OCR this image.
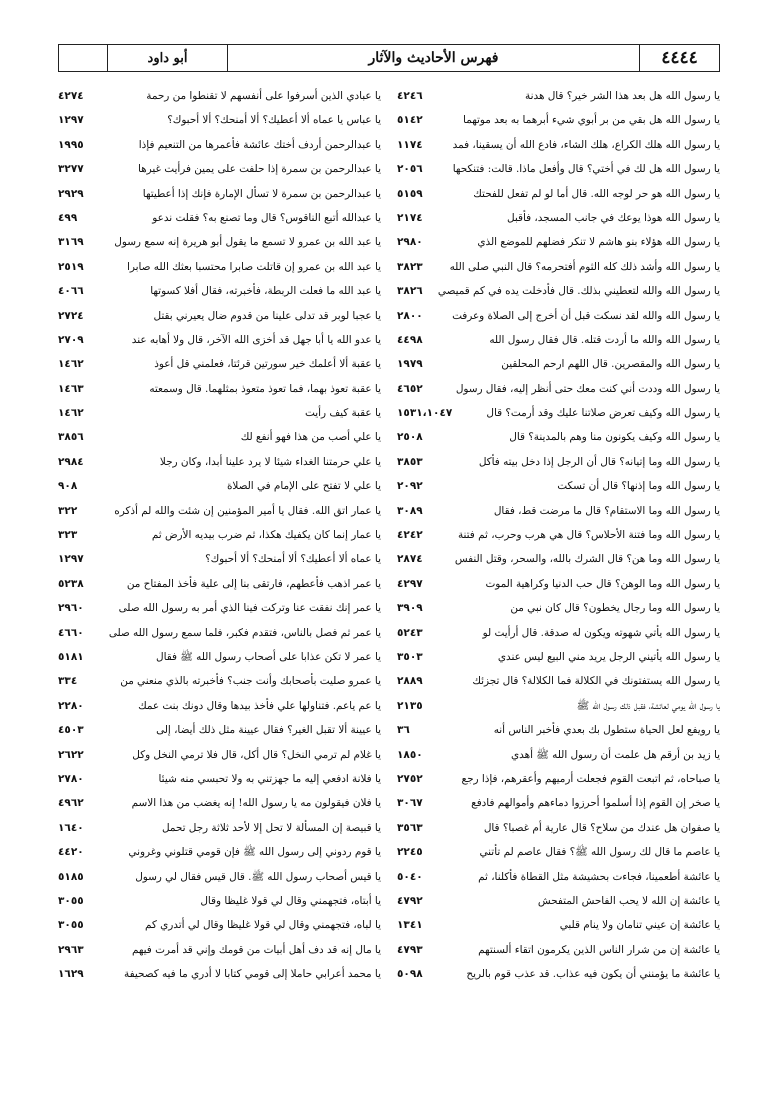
٤٤٤٤
فهرس الأحاديث والآثار
أبو داود
يا رسول الله هل بعد هذا الشر خير؟ قال هدنة
٤٢٤٦
يا رسول الله هل بقي من بر أبوي شيء أبرهما به بعد موتهما
٥١٤٢
يا رسول الله هلك الكراع، هلك الشاء، فادع الله أن يسقينا، فمد
١١٧٤
يا رسول الله هل لك في أختي؟ قال وأفعل ماذا. قالت: فتنكحها
٢٠٥٦
يا رسول الله هو حر لوجه الله. قال أما لو لم تفعل للفحتك
٥١٥٩
يا رسول الله هوذا يوعك في جانب المسجد، فأقبل
٢١٧٤
يا رسول الله هؤلاء بنو هاشم لا تنكر فضلهم للموضع الذي
٢٩٨٠
يا رسول الله وأشد ذلك كله الثوم أفتحرمه؟ قال النبي صلى الله
٣٨٢٣
يا رسول الله والله لتعطيني بذلك. قال فأدخلت يده في كم قميصي
٣٨٢٦
يا رسول الله والله لقد نسكت قبل أن أخرج إلى الصلاة وعرفت
٢٨٠٠
يا رسول الله والله ما أردت قتله. قال فقال رسول الله
٤٤٩٨
يا رسول الله والمقصرين. قال اللهم ارحم المحلقين
١٩٧٩
يا رسول الله وددت أني كنت معك حتى أنظر إليه، فقال رسول
٤٦٥٢
يا رسول الله وكيف تعرض صلاتنا عليك وقد أرمت؟ قال
١٥٣١،١٠٤٧
يا رسول الله وكيف يكونون منا وهم بالمدينة؟ قال
٢٥٠٨
يا رسول الله وما إتيانه؟ قال أن الرجل إذا دخل بيته فأكل
٣٨٥٣
يا رسول الله وما إذنها؟ قال أن تسكت
٢٠٩٢
يا رسول الله وما الاستقام؟ قال ما مرضت قط، فقال
٣٠٨٩
يا رسول الله وما فتنة الأحلاس؟ قال هي هرب وحرب، ثم فتنة
٤٢٤٢
يا رسول الله وما هن؟ قال الشرك بالله، والسحر، وقتل النفس
٢٨٧٤
يا رسول الله وما الوهن؟ قال حب الدنيا وكراهية الموت
٤٢٩٧
يا رسول الله وما رجال يخطون؟ قال كان نبي من
٣٩٠٩
يا رسول الله يأتي شهوته ويكون له صدقة. قال أرأيت لو
٥٢٤٣
يا رسول الله يأتيني الرجل يريد مني البيع ليس عندي
٣٥٠٣
يا رسول الله يستفتونك في الكلالة فما الكلالة؟ قال تجزئك
٢٨٨٩
يا رسول الله يومي لعائشة، فقبل ذلك رسول الله ﷺ
٢١٣٥
يا رويفع لعل الحياة ستطول بك بعدي فأخبر الناس أنه
٣٦
يا زيد بن أرقم هل علمت أن رسول الله ﷺ أهدي
١٨٥٠
يا صباحاه، ثم اتبعت القوم فجعلت أرميهم وأعقرهم، فإذا رجع
٢٧٥٢
يا صخر إن القوم إذا أسلموا أحرزوا دماءهم وأموالهم فادفع
٣٠٦٧
يا صفوان هل عندك من سلاح؟ قال عارية أم غصبا؟ قال
٣٥٦٣
يا عاصم ما قال لك رسول الله ﷺ؟ فقال عاصم لم تأتني
٢٢٤٥
يا عائشة أطعمينا، فجاءت بحشيشة مثل القطاة فأكلنا، ثم
٥٠٤٠
يا عائشة إن الله لا يحب الفاحش المتفحش
٤٧٩٢
يا عائشة إن عيني تنامان ولا ينام قلبي
١٣٤١
يا عائشة إن من شرار الناس الذين يكرمون اتقاء ألسنتهم
٤٧٩٣
يا عائشة ما يؤمنني أن يكون فيه عذاب. قد عذب قوم بالريح
٥٠٩٨
يا عبادي الذين أسرفوا على أنفسهم لا تقنطوا من رحمة
٤٢٧٤
يا عباس يا عماه ألا أعطيك؟ ألا أمنحك؟ ألا أحبوك؟
١٢٩٧
يا عبدالرحمن أردف أختك عائشة فأعمرها من التنعيم فإذا
١٩٩٥
يا عبدالرحمن بن سمرة إذا حلفت على يمين فرأيت غيرها
٣٢٧٧
يا عبدالرحمن بن سمرة لا تسأل الإمارة فإنك إذا أعطيتها
٢٩٢٩
يا عبدالله أتبع الناقوس؟ قال وما تصنع به؟ فقلت ندعو
٤٩٩
يا عبد الله بن عمرو لا تسمع ما يقول أبو هريرة إنه سمع رسول
٣١٦٩
يا عبد الله بن عمرو إن قاتلت صابرا محتسبا بعثك الله صابرا
٢٥١٩
يا عبد الله ما فعلت الربطة، فأخبرته، فقال أفلا كسوتها
٤٠٦٦
يا عجبا لوبر قد تدلى علينا من قدوم ضال يعيرني بقتل
٢٧٢٤
يا عدو الله يا أبا جهل قد أخزى الله الآخر، قال ولا أهابه عند
٢٧٠٩
يا عقبة ألا أعلمك خير سورتين قرئتا، فعلمني قل أعوذ
١٤٦٢
يا عقبة تعوذ بهما، فما تعوذ متعوذ بمثلهما. قال وسمعته
١٤٦٣
يا عقبة كيف رأيت
١٤٦٢
يا علي أصب من هذا فهو أنفع لك
٣٨٥٦
يا علي حرمتنا الغداء شيئا لا يرد علينا أبدا، وكان رجلا
٢٩٨٤
يا علي لا تفتح على الإمام في الصلاة
٩٠٨
يا عمار اتق الله. فقال يا أمير المؤمنين إن شئت والله لم أذكره
٣٢٢
يا عمار إنما كان يكفيك هكذا، ثم ضرب بيديه الأرض ثم
٣٢٣
يا عماه ألا أعطيك؟ ألا أمنحك؟ ألا أحبوك؟
١٢٩٧
يا عمر اذهب فأعطهم، فارتقى بنا إلى علية فأخذ المفتاح من
٥٢٣٨
يا عمر إنك نفقت عنا وتركت فينا الذي أمر به رسول الله صلى
٢٩٦٠
يا عمر ثم فصل بالناس، فتقدم فكبر، فلما سمع رسول الله صلى
٤٦٦٠
يا عمر لا تكن عذابا على أصحاب رسول الله ﷺ فقال
٥١٨١
يا عمرو صليت بأصحابك وأنت جنب؟ فأخبرته بالذي منعني من
٣٣٤
يا عم ياعم. فتناولها علي فأخذ بيدها وقال دونك بنت عمك
٢٢٨٠
يا عيينة ألا تقبل الغير؟ فقال عيينة مثل ذلك أيضا، إلى
٤٥٠٣
يا غلام لم ترمي النخل؟ قال أكل، قال فلا ترمي النخل وكل
٢٦٢٢
يا فلانة ادفعي إليه ما جهزتني به ولا تحبسي منه شيئا
٢٧٨٠
يا فلان فيقولون مه يا رسول الله! إنه يغضب من هذا الاسم
٤٩٦٢
يا قبيصة إن المسألة لا تحل إلا لأحد ثلاثة رجل تحمل
١٦٤٠
يا قوم ردوني إلى رسول الله ﷺ فإن قومي قتلوني وغروني
٤٤٢٠
يا قيس أصحاب رسول الله ﷺ. قال قيس فقال لي رسول
٥١٨٥
يا أبتاه، فتجهمني وقال لي قولا غليظا وقال
٣٠٥٥
يا لباه، فتجهمني وقال لي قولا غليظا وقال لي أتدري كم
٣٠٥٥
يا مال إنه قد دف أهل أبيات من قومك وإني قد أمرت فيهم
٢٩٦٣
يا محمد أعرابي حاملا إلى قومي كتابا لا أدري ما فيه كصحيفة
١٦٢٩
